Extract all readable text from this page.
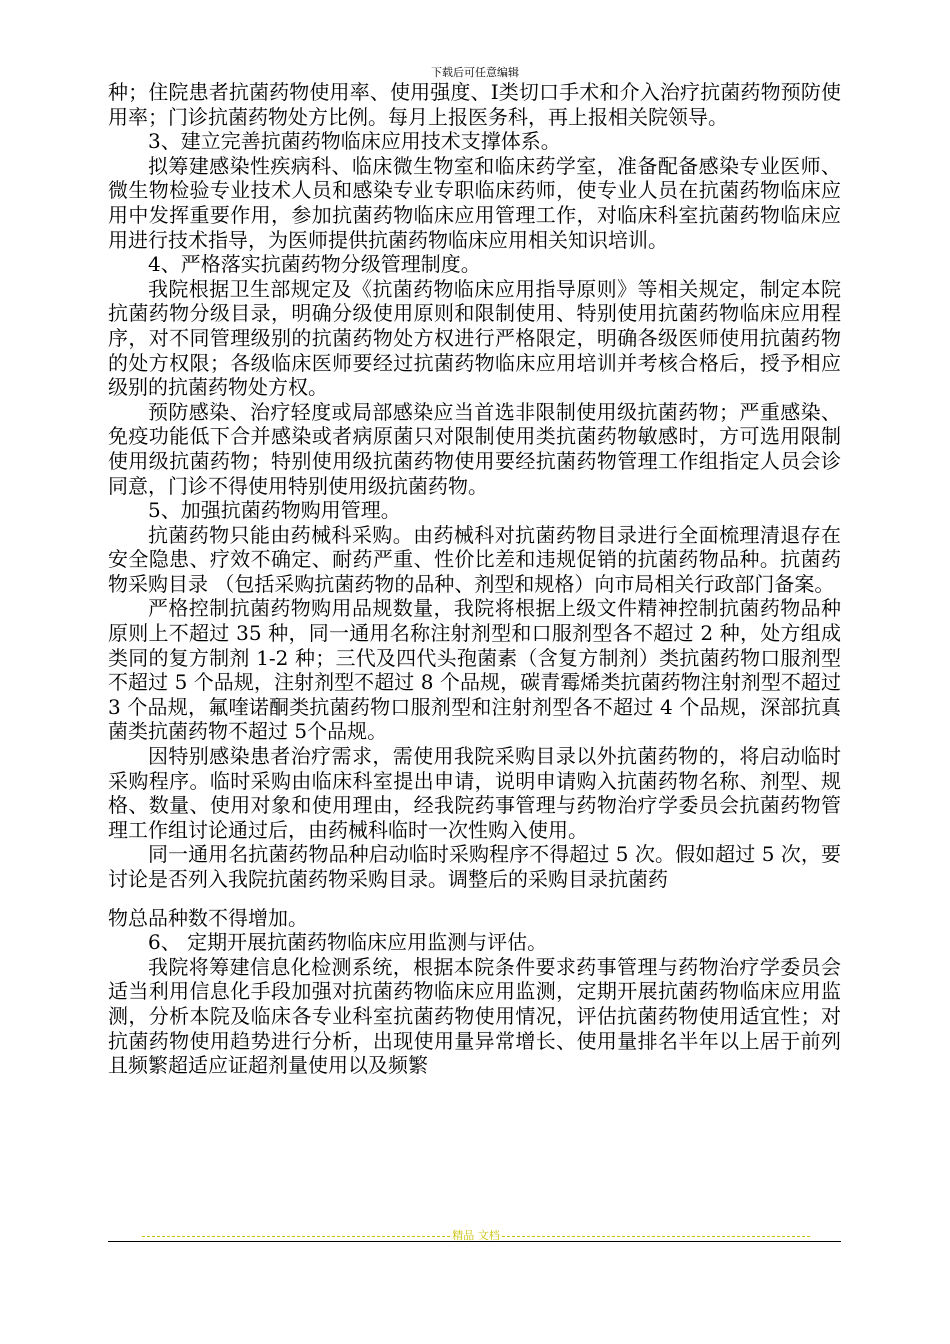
下载后可任意编辑

种；住院患者抗菌药物使用率、使用强度、I类切口手术和介入治疗抗菌药物预防使用率；门诊抗菌药物处方比例。每月上报医务科，再上报相关院领导。

3、建立完善抗菌药物临床应用技术支撑体系。

拟筹建感染性疾病科、临床微生物室和临床药学室，准备配备感染专业医师、微生物检验专业技术人员和感染专业专职临床药师，使专业人员在抗菌药物临床应用中发挥重要作用，参加抗菌药物临床应用管理工作，对临床科室抗菌药物临床应用进行技术指导，为医师提供抗菌药物临床应用相关知识培训。

4、严格落实抗菌药物分级管理制度。

我院根据卫生部规定及《抗菌药物临床应用指导原则》等相关规定，制定本院抗菌药物分级目录，明确分级使用原则和限制使用、特别使用抗菌药物临床应用程序，对不同管理级别的抗菌药物处方权进行严格限定，明确各级医师使用抗菌药物的处方权限；各级临床医师要经过抗菌药物临床应用培训并考核合格后，授予相应级别的抗菌药物处方权。

预防感染、治疗轻度或局部感染应当首选非限制使用级抗菌药物；严重感染、免疫功能低下合并感染或者病原菌只对限制使用类抗菌药物敏感时，方可选用限制使用级抗菌药物；特别使用级抗菌药物使用要经抗菌药物管理工作组指定人员会诊同意，门诊不得使用特别使用级抗菌药物。

5、加强抗菌药物购用管理。

抗菌药物只能由药械科采购。由药械科对抗菌药物目录进行全面梳理清退存在安全隐患、疗效不确定、耐药严重、性价比差和违规促销的抗菌药物品种。抗菌药物采购目录 （包括采购抗菌药物的品种、剂型和规格）向市局相关行政部门备案。

严格控制抗菌药物购用品规数量，我院将根据上级文件精神控制抗菌药物品种原则上不超过 35 种，同一通用名称注射剂型和口服剂型各不超过 2 种，处方组成类同的复方制剂 1-2 种；三代及四代头孢菌素（含复方制剂）类抗菌药物口服剂型不超过 5 个品规，注射剂型不超过 8 个品规，碳青霉烯类抗菌药物注射剂型不超过 3 个品规，氟喹诺酮类抗菌药物口服剂型和注射剂型各不超过 4 个品规，深部抗真菌类抗菌药物不超过 5个品规。

因特别感染患者治疗需求，需使用我院采购目录以外抗菌药物的，将启动临时采购程序。临时采购由临床科室提出申请，说明申请购入抗菌药物名称、剂型、规格、数量、使用对象和使用理由，经我院药事管理与药物治疗学委员会抗菌药物管理工作组讨论通过后，由药械科临时一次性购入使用。

同一通用名抗菌药物品种启动临时采购程序不得超过 5 次。假如超过 5 次，要讨论是否列入我院抗菌药物采购目录。调整后的采购目录抗菌药

物总品种数不得增加。

6、 定期开展抗菌药物临床应用监测与评估。

我院将筹建信息化检测系统，根据本院条件要求药事管理与药物治疗学委员会适当利用信息化手段加强对抗菌药物临床应用监测，定期开展抗菌药物临床应用监测，分析本院及临床各专业科室抗菌药物使用情况，评估抗菌药物使用适宜性；对抗菌药物使用趋势进行分析，出现使用量异常增长、使用量排名半年以上居于前列且频繁超适应证超剂量使用以及频繁

精品 文档
